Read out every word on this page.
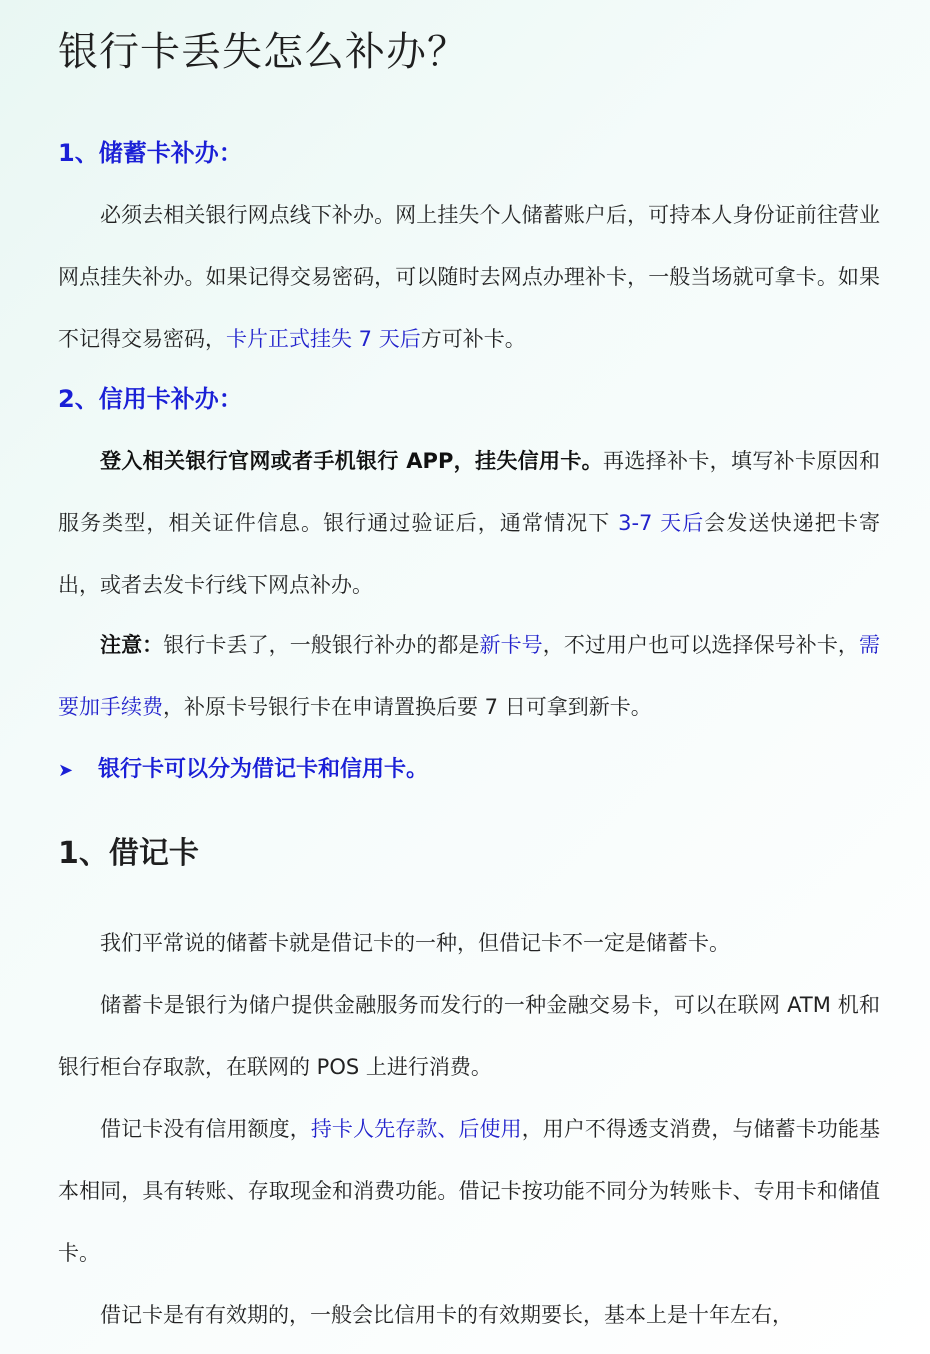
银行卡丢失怎么补办？
1、储蓄卡补办：

必须去相关银行网点线下补办。网上挂失个人储蓄账户后，可持本人身份证前往营业网点挂失补办。如果记得交易密码，可以随时去网点办理补卡，一般当场就可拿卡。如果不记得交易密码，卡片正式挂失 7 天后方可补卡。

2、信用卡补办：

登入相关银行官网或者手机银行 APP，挂失信用卡。再选择补卡，填写补卡原因和服务类型，相关证件信息。银行通过验证后，通常情况下 3-7 天后会发送快递把卡寄出，或者去发卡行线下网点补办。

注意：银行卡丢了，一般银行补办的都是新卡号，不过用户也可以选择保号补卡，需要加手续费，补原卡号银行卡在申请置换后要 7 日可拿到新卡。

➤ 银行卡可以分为借记卡和信用卡。

1、借记卡

我们平常说的储蓄卡就是借记卡的一种，但借记卡不一定是储蓄卡。

储蓄卡是银行为储户提供金融服务而发行的一种金融交易卡，可以在联网 ATM 机和银行柜台存取款，在联网的 POS 上进行消费。

借记卡没有信用额度，持卡人先存款、后使用，用户不得透支消费，与储蓄卡功能基本相同，具有转账、存取现金和消费功能。借记卡按功能不同分为转账卡、专用卡和储值卡。

借记卡是有有效期的，一般会比信用卡的有效期要长，基本上是十年左右，
